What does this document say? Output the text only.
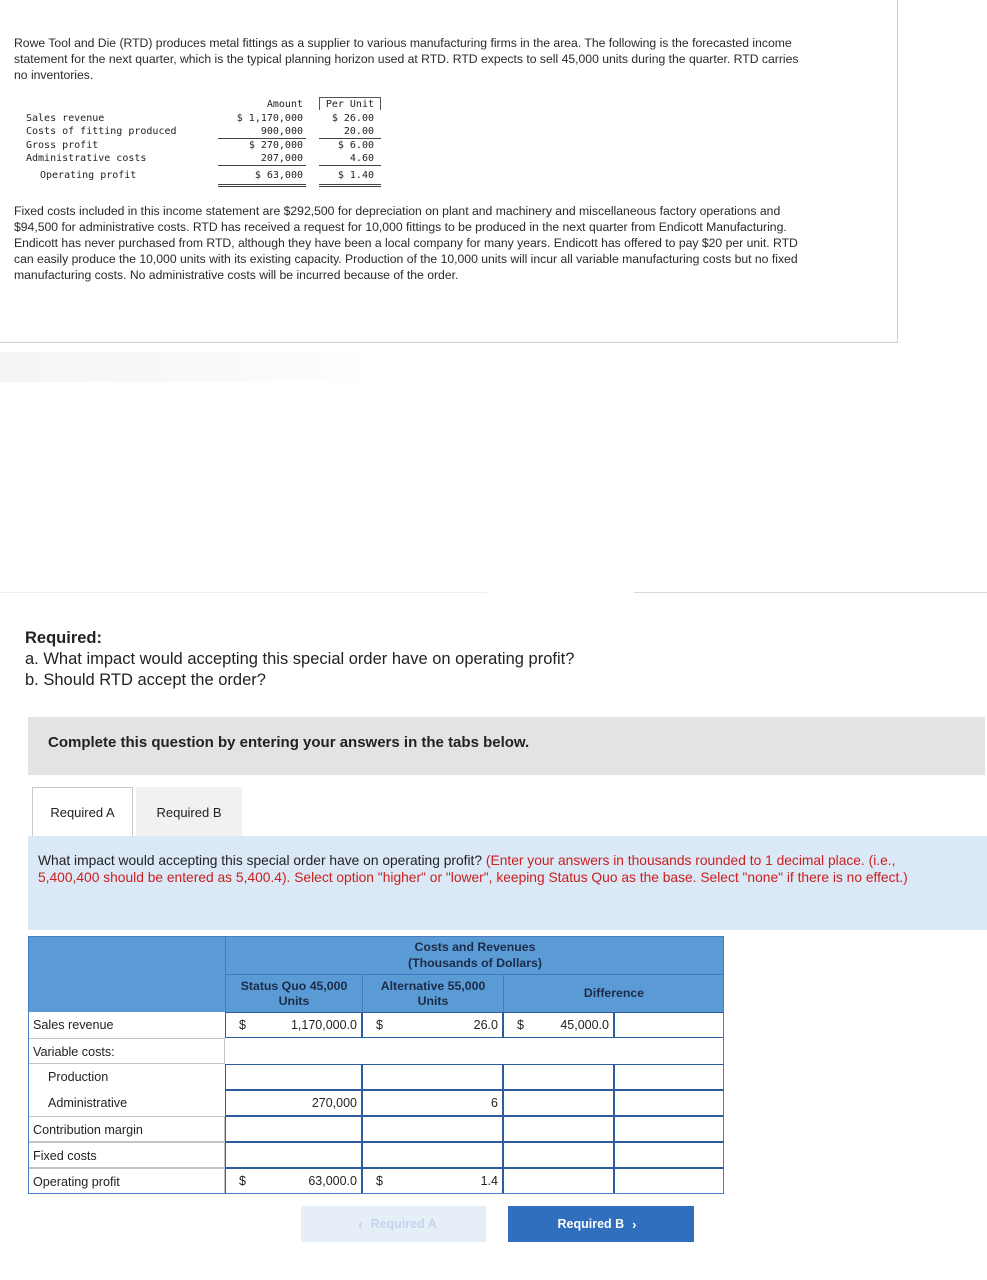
Rowe Tool and Die (RTD) produces metal fittings as a supplier to various manufacturing firms in the area. The following is the forecasted income statement for the next quarter, which is the typical planning horizon used at RTD. RTD expects to sell 45,000 units during the quarter. RTD carries no inventories.

Amount	Per Unit
Sales revenue	$ 1,170,000	$ 26.00
Costs of fitting produced	900,000	20.00
Gross profit	$ 270,000	$ 6.00
Administrative costs	207,000	4.60
Operating profit	$ 63,000	$ 1.40

Fixed costs included in this income statement are $292,500 for depreciation on plant and machinery and miscellaneous factory operations and $94,500 for administrative costs. RTD has received a request for 10,000 fittings to be produced in the next quarter from Endicott Manufacturing. Endicott has never purchased from RTD, although they have been a local company for many years. Endicott has offered to pay $20 per unit. RTD can easily produce the 10,000 units with its existing capacity. Production of the 10,000 units will incur all variable manufacturing costs but no fixed manufacturing costs. No administrative costs will be incurred because of the order.

Required:
a. What impact would accepting this special order have on operating profit?
b. Should RTD accept the order?
Complete this question by entering your answers in the tabs below.
Required A	Required B

What impact would accepting this special order have on operating profit? (Enter your answers in thousands rounded to 1 decimal place. (i.e., 5,400,400 should be entered as 5,400.4). Select option "higher" or "lower", keeping Status Quo as the base. Select "none" if there is no effect.)

Costs and Revenues (Thousands of Dollars)
Status Quo 45,000 Units
Alternative 55,000 Units
Difference
Sales revenue	$	1,170,000.0 $	26.0 $	45,000.0
Variable costs:
Production
Administrative	270,000	6
Contribution margin
Fixed costs
Operating profit	$	63,000.0 $	1.4
‹ Required A	Required B ›
